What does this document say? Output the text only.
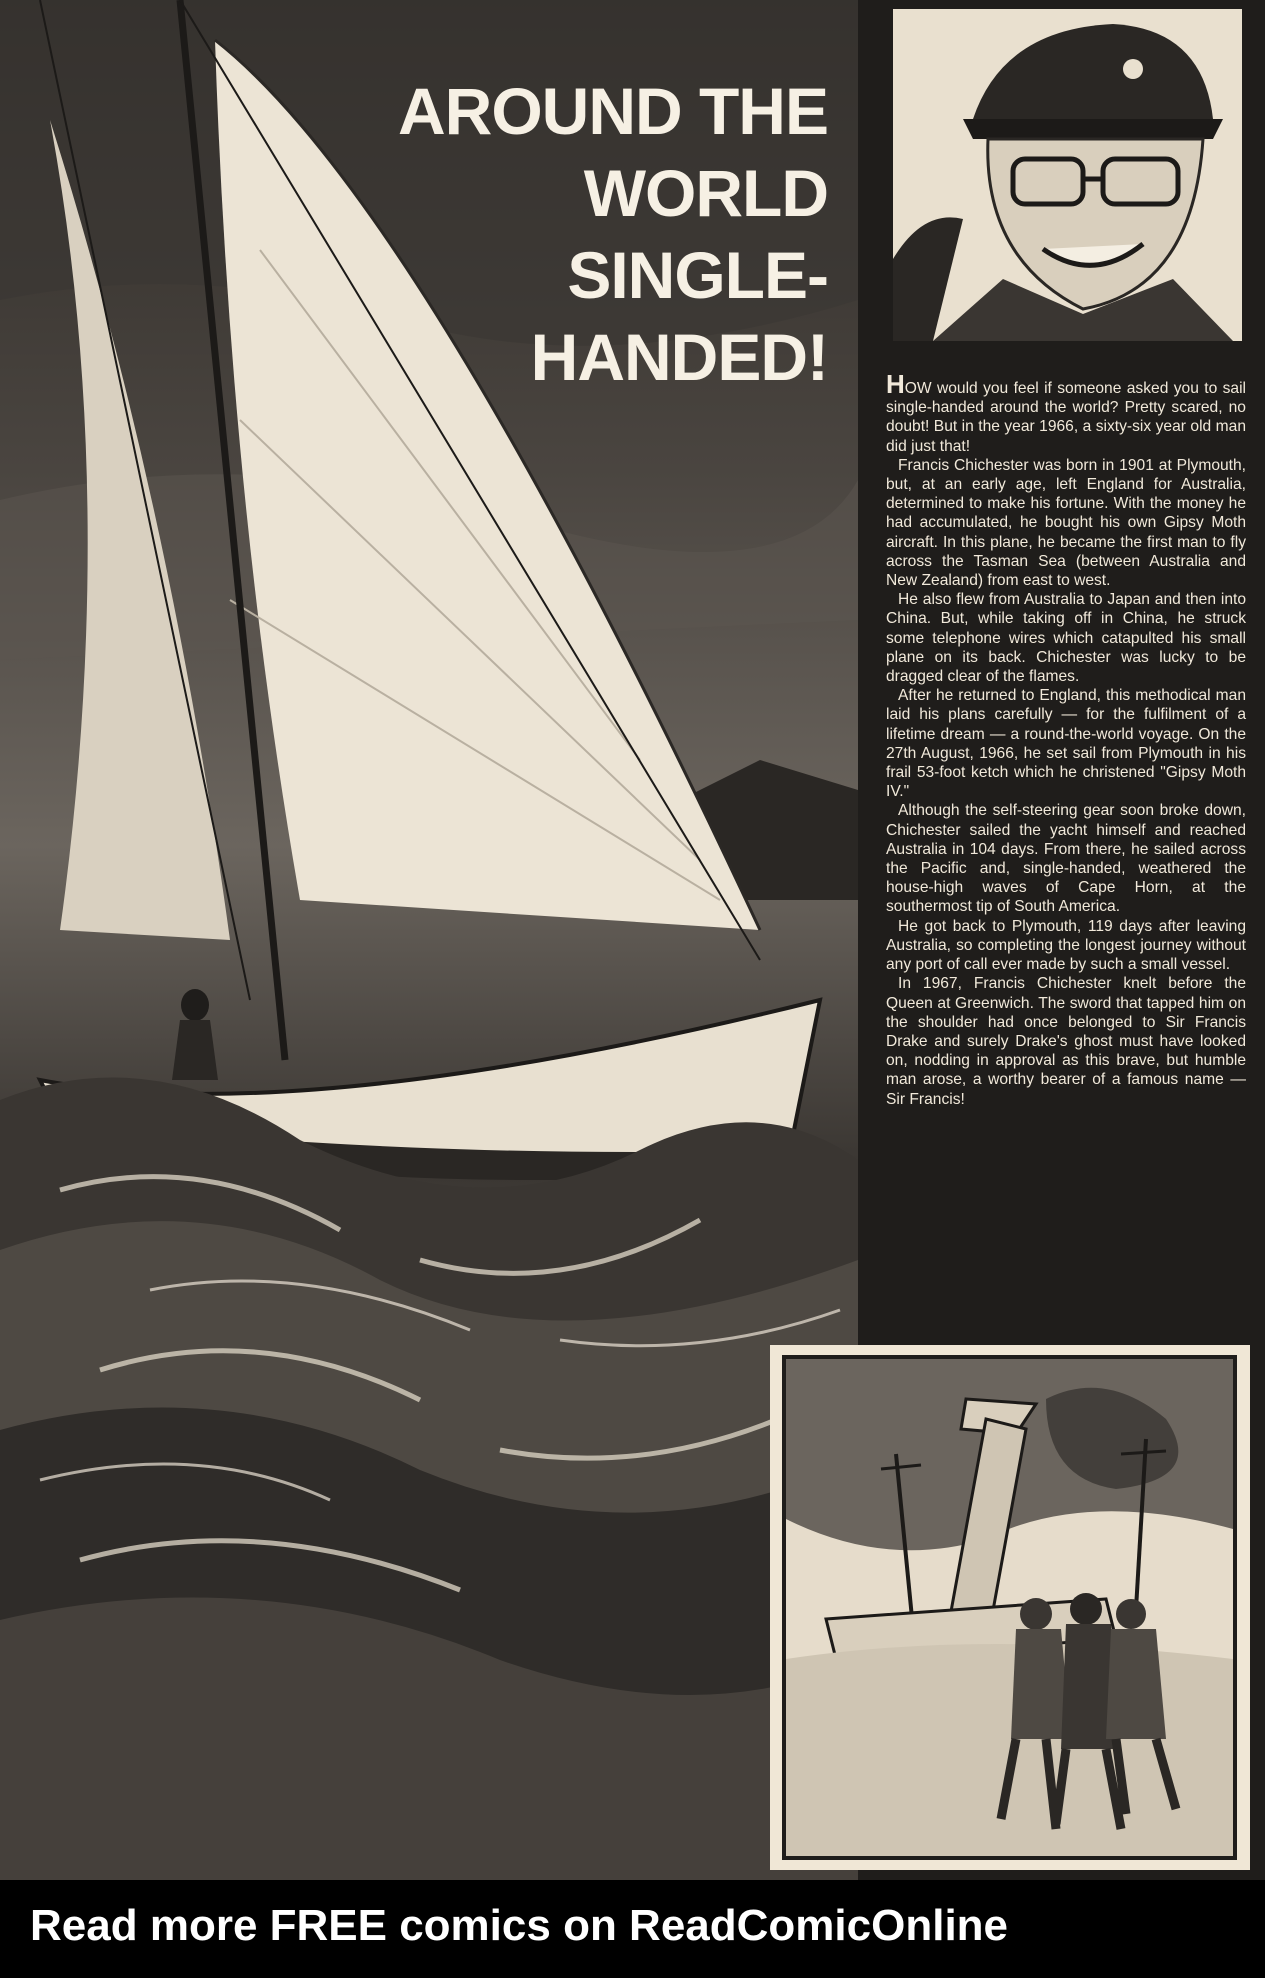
AROUND THE
WORLD
SINGLE-
HANDED! HOW would you feel if someone asked you to sail single-handed around the world? Pretty scared, no doubt! But in the year 1966, a sixty-six year old man did just that!

Francis Chichester was born in 1901 at Plymouth, but, at an early age, left England for Australia, determined to make his fortune. With the money he had accumulated, he bought his own Gipsy Moth aircraft. In this plane, he became the first man to fly across the Tasman Sea (between Australia and New Zealand) from east to west.

He also flew from Australia to Japan and then into China. But, while taking off in China, he struck some telephone wires which catapulted his small plane on its back. Chichester was lucky to be dragged clear of the flames.

After he returned to England, this methodical man laid his plans carefully — for the fulfilment of a lifetime dream — a round-the-world voyage. On the 27th August, 1966, he set sail from Plymouth in his frail 53-foot ketch which he christened "Gipsy Moth IV."

Although the self-steering gear soon broke down, Chichester sailed the yacht himself and reached Australia in 104 days. From there, he sailed across the Pacific and, single-handed, weathered the house-high waves of Cape Horn, at the southermost tip of South America.

He got back to Plymouth, 119 days after leaving Australia, so completing the longest journey without any port of call ever made by such a small vessel.

In 1967, Francis Chichester knelt before the Queen at Greenwich. The sword that tapped him on the shoulder had once belonged to Sir Francis Drake and surely Drake's ghost must have looked on, nodding in approval as this brave, but humble man arose, a worthy bearer of a famous name — Sir Francis!

Read more FREE comics on ReadComicOnline
